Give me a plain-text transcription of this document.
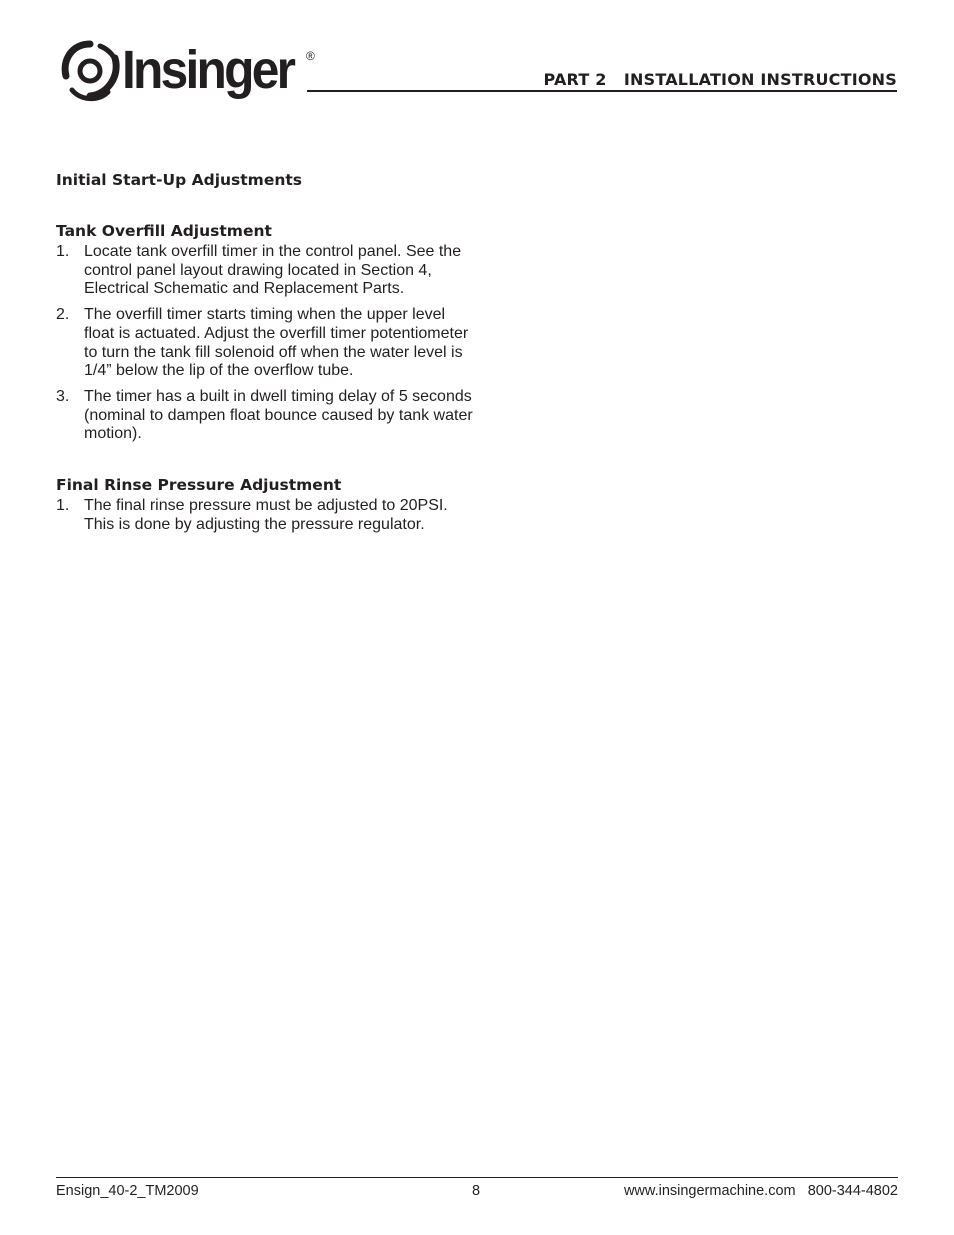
Insinger ®
PART 2   INSTALLATION INSTRUCTIONS
Initial Start-Up Adjustments
Tank Overfill Adjustment
1. Locate tank overfill timer in the control panel. See the control panel layout drawing located in Section 4, Electrical Schematic and Replacement Parts.
2. The overfill timer starts timing when the upper level float is actuated. Adjust the overfill timer potentiometer to turn the tank fill solenoid off when the water level is 1/4” below the lip of the overflow tube.
3. The timer has a built in dwell timing delay of 5 seconds (nominal to dampen float bounce caused by tank water motion).
Final Rinse Pressure Adjustment
1. The final rinse pressure must be adjusted to 20PSI. This is done by adjusting the pressure regulator.
Ensign_40-2_TM2009	8	www.insingermachine.com   800-344-4802
